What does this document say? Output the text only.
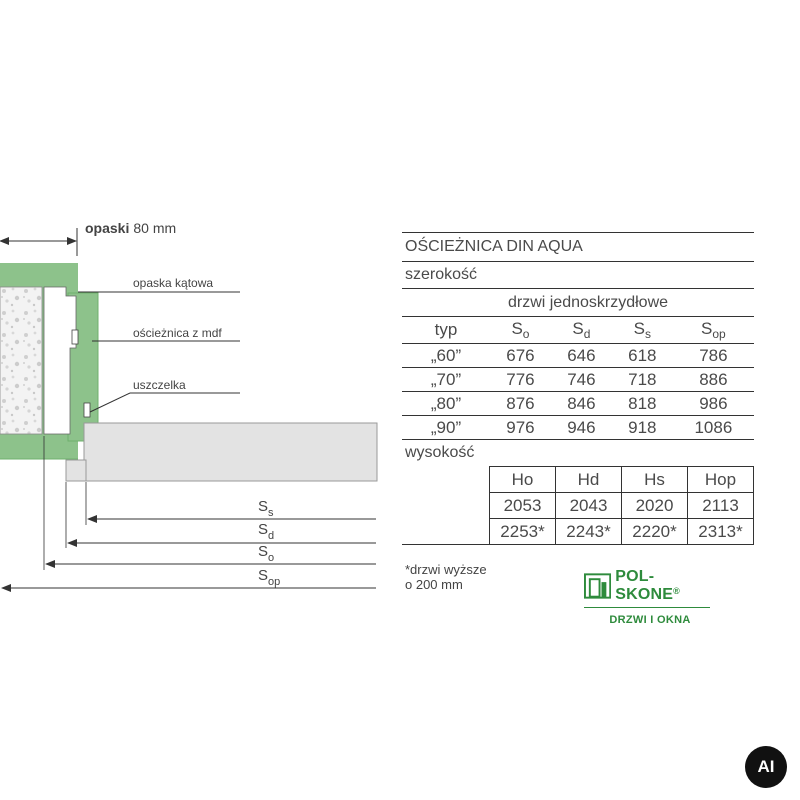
opaski 80 mm
opaska kątowa
ościeżnica z mdf
uszczelka
$S_s$
$S_d$
$S_o$
$S_{op}$
OŚCIEŻNICA DIN AQUA
szerokość
drzwi jednoskrzydłowe
typ	$S_o$	$S_d$	$S_s$	$S_{op}$
„60”	676	646	618	786
„70”	776	746	718	886
„80”	876	846	818	986
„90”	976	946	918	1086
wysokość
	Ho	Hd	Hs	Hop
	2053	2043	2020	2113
	2253*	2243*	2220*	2313*
*drzwi wyższe
o 200 mm	POL-SKONE®
DRZWI I OKNA
AI
